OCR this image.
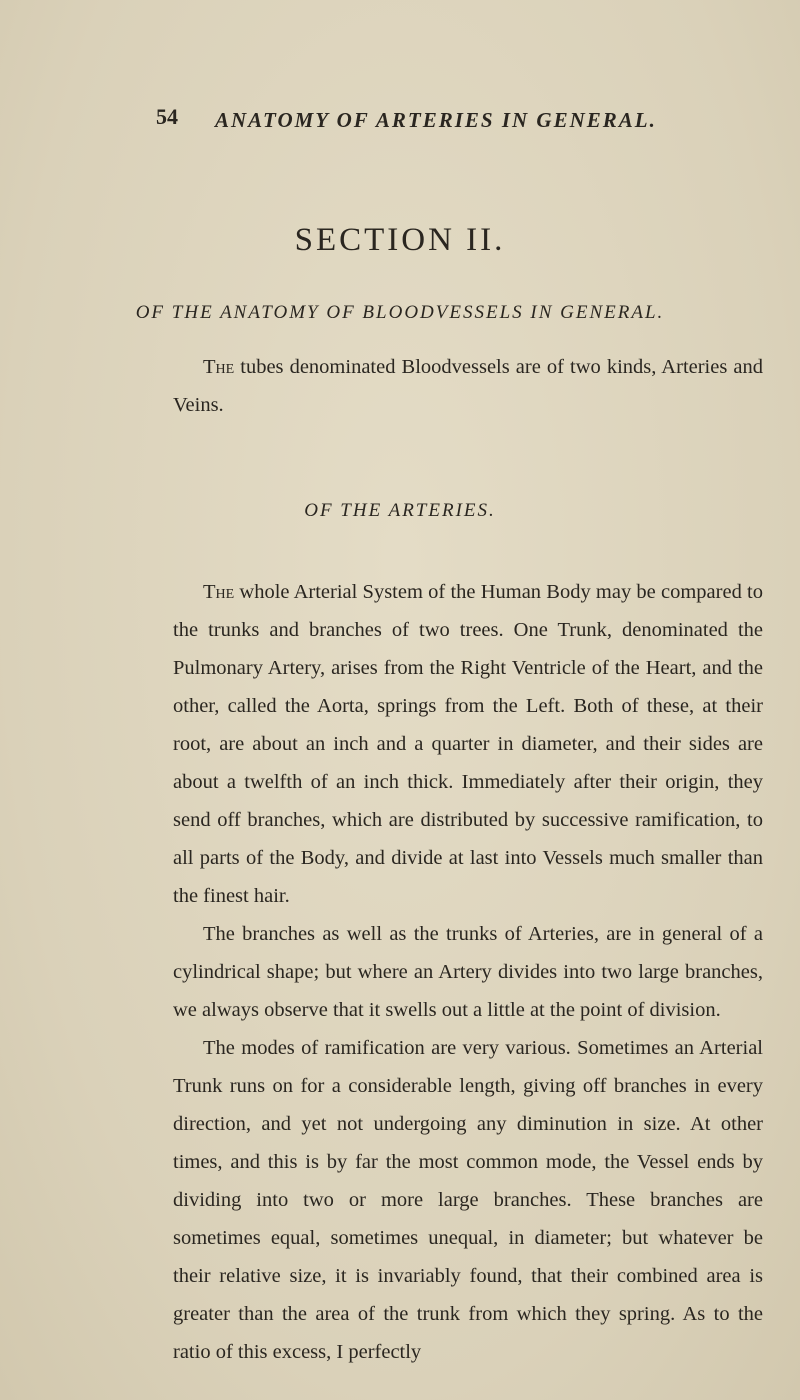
54 ANATOMY OF ARTERIES IN GENERAL.
SECTION II.
OF THE ANATOMY OF BLOODVESSELS IN GENERAL.
The tubes denominated Bloodvessels are of two kinds, Arteries and Veins.
OF THE ARTERIES.
The whole Arterial System of the Human Body may be compared to the trunks and branches of two trees. One Trunk, denominated the Pulmonary Artery, arises from the Right Ventricle of the Heart, and the other, called the Aorta, springs from the Left. Both of these, at their root, are about an inch and a quarter in diameter, and their sides are about a twelfth of an inch thick. Immediately after their origin, they send off branches, which are distributed by successive ramification, to all parts of the Body, and divide at last into Vessels much smaller than the finest hair.
The branches as well as the trunks of Arteries, are in general of a cylindrical shape; but where an Artery divides into two large branches, we always observe that it swells out a little at the point of division.
The modes of ramification are very various. Sometimes an Arterial Trunk runs on for a considerable length, giving off branches in every direction, and yet not undergoing any diminution in size. At other times, and this is by far the most common mode, the Vessel ends by dividing into two or more large branches. These branches are sometimes equal, sometimes unequal, in diameter; but whatever be their relative size, it is invariably found, that their combined area is greater than the area of the trunk from which they spring. As to the ratio of this excess, I perfectly
